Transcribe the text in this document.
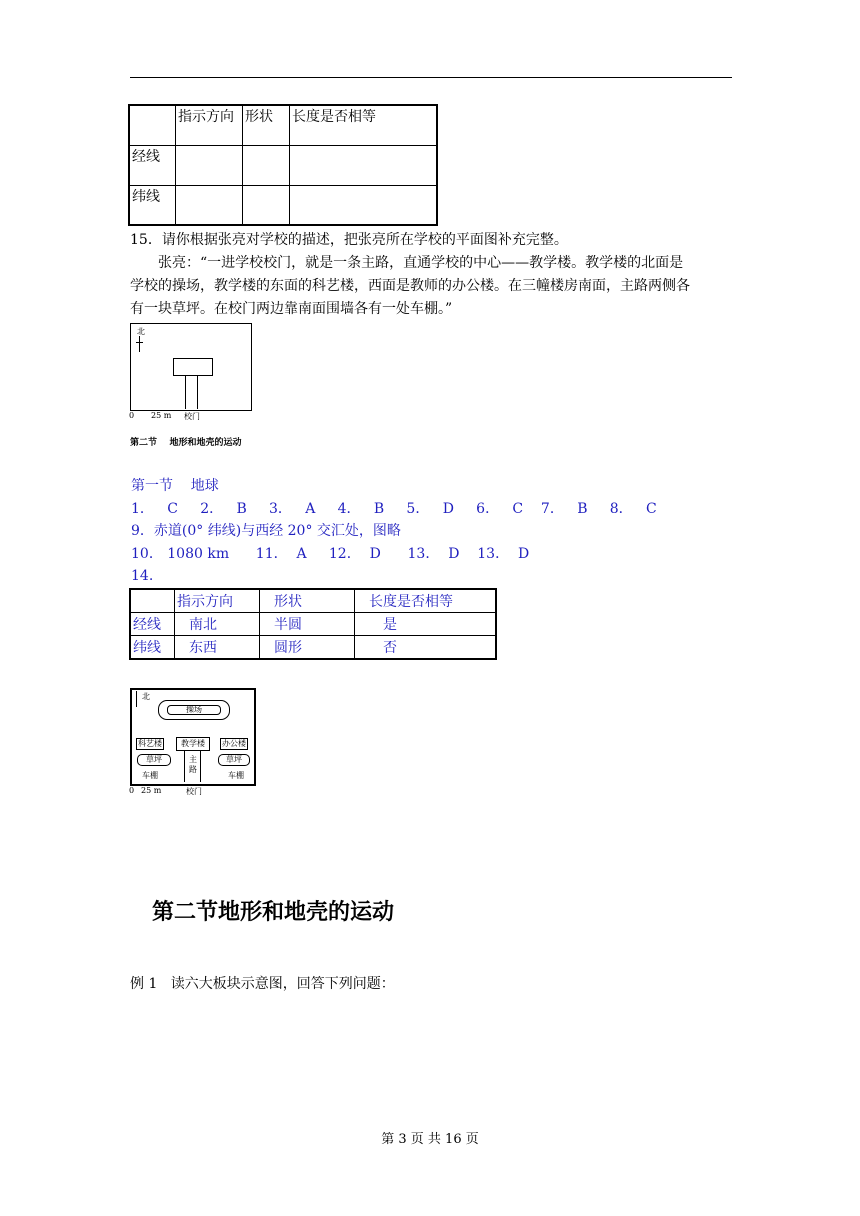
	指示方向	形状	长度是否相等
经线			
纬线			
15．请你根据张亮对学校的描述，把张亮所在学校的平面图补充完整。
张亮：“一进学校校门，就是一条主路，直通学校的中心——教学楼。教学楼的北面是
学校的操场，教学楼的东面的科艺楼，西面是教师的办公楼。在三幢楼房南面，主路两侧各
有一块草坪。在校门两边靠南面围墙各有一处车棚。”
北
0 25 m 校门
第二节    地形和地壳的运动
第一节    地球
1．   C     2．   B     3．   A     4．   B     5．   D     6．   C    7．   B     8．   C
9．赤道(0° 纬线)与西经 20° 交汇处，图略
10． 1080 km      11．  A     12．  D      13．  D    13．  D
14.
	指示方向	形状	长度是否相等
经线	南北	半圆	是
纬线	东西	圆形	否
北
操场
科艺楼	教学楼	办公楼
草坪	草坪
主
路
车棚	车棚
0 25 m	校门
第二节地形和地壳的运动
例 1   读六大板块示意图，回答下列问题：
第 3 页 共 16 页
